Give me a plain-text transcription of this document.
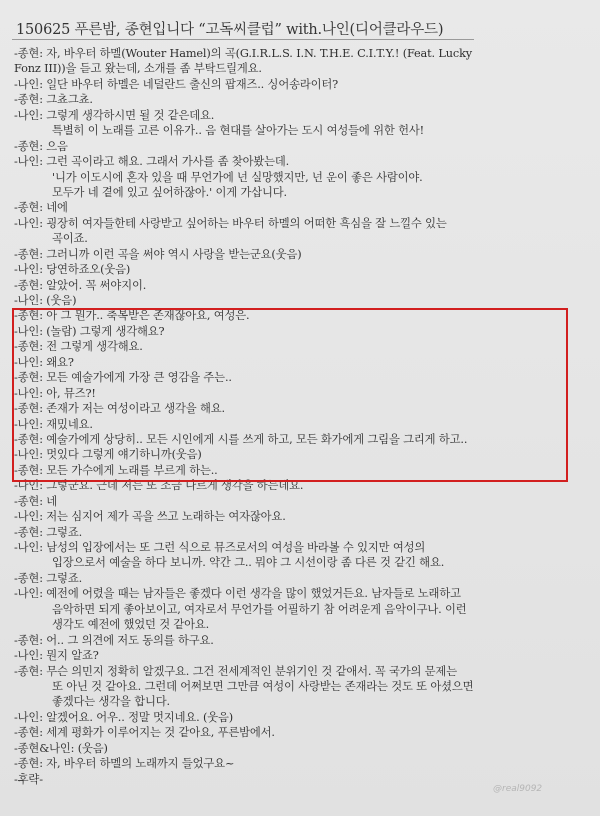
150625 푸른밤, 종현입니다 “고독씨클럽” with.나인(디어클라우드)
-종현: 자, 바우터 하멜(Wouter Hamel)의 곡(G.I.R.L.S. I.N. T.H.E. C.I.T.Y.! (Feat. Lucky
Fonz III))을 듣고 왔는데, 소개를 좀 부탁드릴게요.
-나인: 일단 바우터 하멜은 네덜란드 출신의 팝재즈.. 싱어송라이터?
-종현: 그쵸그쵸.
-나인: 그렇게 생각하시면 될 것 같은데요.
특별히 이 노래를 고른 이유가.. 음 현대를 살아가는 도시 여성들에 위한 헌사!
-종현: 으음
-나인: 그런 곡이라고 해요. 그래서 가사를 좀 찾아봤는데.
'니가 이도시에 혼자 있을 때 무언가에 넌 실망했지만, 넌 운이 좋은 사람이야.
모두가 네 곁에 있고 싶어하잖아.' 이게 가삽니다.
-종현: 네에
-나인: 굉장히 여자들한테 사랑받고 싶어하는 바우터 하멜의 어떠한 흑심을 잘 느낄수 있는
곡이죠.
-종현: 그러니까 이런 곡을 써야 역시 사랑을 받는군요(웃음)
-나인: 당연하죠오(웃음)
-종현: 알았어. 꼭 써야지이.
-나인: (웃음)
-종현: 아 그 뭔가.. 축복받은 존재잖아요, 여성은.
-나인: (놀람) 그렇게 생각해요?
-종현: 전 그렇게 생각해요.
-나인: 왜요?
-종현: 모든 예술가에게 가장 큰 영감을 주는..
-나인: 아, 뮤즈?!
-종현: 존재가 저는 여성이라고 생각을 해요.
-나인: 재밌네요.
-종현: 예술가에게 상당히.. 모든 시인에게 시를 쓰게 하고, 모든 화가에게 그림을 그리게 하고..
-나인: 멋있다 그렇게 얘기하니까(웃음)
-종현: 모든 가수에게 노래를 부르게 하는..
-나인: 그렇군요. 근데 저는 또 조금 다르게 생각을 하는데요.
-종현: 네
-나인: 저는 심지어 제가 곡을 쓰고 노래하는 여자잖아요.
-종현: 그렇죠.
-나인: 남성의 입장에서는 또 그런 식으로 뮤즈로서의 여성을 바라볼 수 있지만 여성의
입장으로서 예술을 하다 보니까. 약간 그.. 뭐야 그 시선이랑 좀 다른 것 같긴 해요.
-종현: 그렇죠.
-나인: 예전에 어렸을 때는 남자들은 좋겠다 이런 생각을 많이 했었거든요. 남자들로 노래하고
음악하면 되게 좋아보이고, 여자로서 무언가를 어필하기 참 어려운게 음악이구나. 이런
생각도 예전에 했었던 것 같아요.
-종현: 어.. 그 의견에 저도 동의를 하구요.
-나인: 뭔지 알죠?
-종현: 무슨 의민지 정확히 알겠구요. 그건 전세계적인 분위기인 것 같애서. 꼭 국가의 문제는
또 아닌 것 같아요. 그런데 어쩌보면 그만큼 여성이 사랑받는 존재라는 것도 또 아셨으면
좋겠다는 생각을 합니다.
-나인: 알겠어요. 어우.. 정말 멋지네요. (웃음)
-종현: 세계 평화가 이루어지는 것 같아요, 푸른밤에서.
-종현&나인: (웃음)
-종현: 자, 바우터 하멜의 노래까지 들었구요~
-후략-
@real9092
